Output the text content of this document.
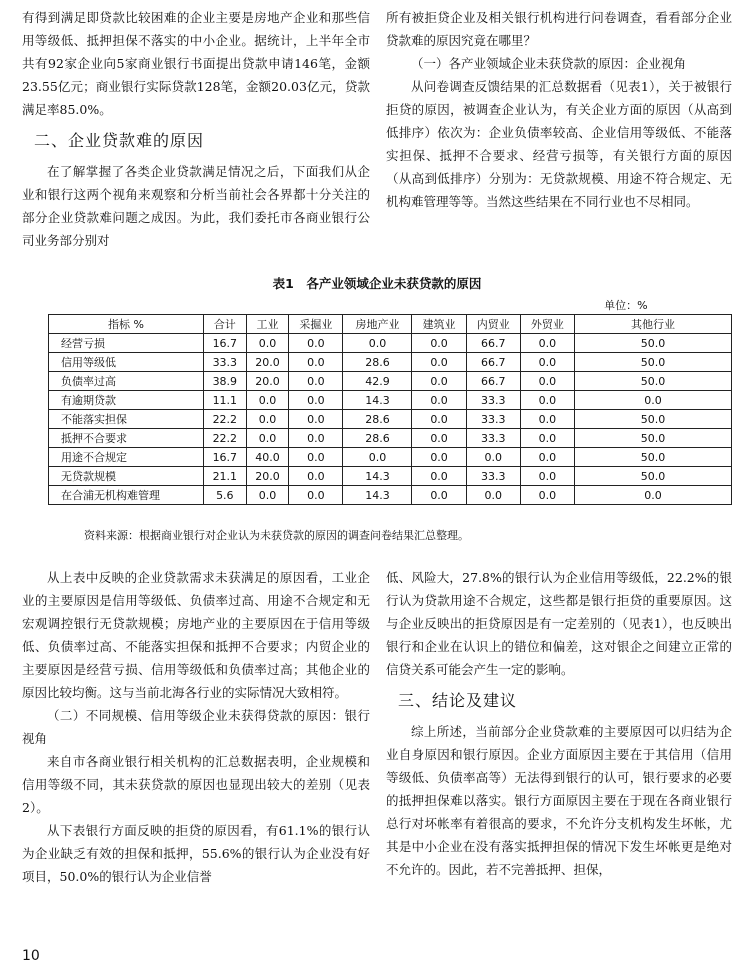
有得到满足即贷款比较困难的企业主要是房地产企业和那些信用等级低、抵押担保不落实的中小企业。据统计，上半年全市共有92家企业向5家商业银行书面提出贷款申请146笔，金额23.55亿元；商业银行实际贷款128笔，金额20.03亿元，贷款满足率85.0%。

二、企业贷款难的原因

在了解掌握了各类企业贷款满足情况之后，下面我们从企业和银行这两个视角来观察和分析当前社会各界都十分关注的部分企业贷款难问题之成因。为此，我们委托市各商业银行公司业务部分别对

所有被拒贷企业及相关银行机构进行问卷调查，看看部分企业贷款难的原因究竟在哪里？

（一）各产业领域企业未获贷款的原因：企业视角

从问卷调查反馈结果的汇总数据看（见表1），关于被银行拒贷的原因，被调查企业认为，有关企业方面的原因（从高到低排序）依次为：企业负债率较高、企业信用等级低、不能落实担保、抵押不合要求、经营亏损等，有关银行方面的原因（从高到低排序）分别为：无贷款规模、用途不符合规定、无机构难管理等等。当然这些结果在不同行业也不尽相同。

表1　各产业领域企业未获贷款的原因
							单位：%	
指标 %	合计	工业	采掘业	房地产业	建筑业	内贸业	外贸业	其他行业
经营亏损	16.7	0.0	0.0	0.0	0.0	66.7	0.0	50.0
信用等级低	33.3	20.0	0.0	28.6	0.0	66.7	0.0	50.0
负债率过高	38.9	20.0	0.0	42.9	0.0	66.7	0.0	50.0
有逾期贷款	11.1	0.0	0.0	14.3	0.0	33.3	0.0	0.0
不能落实担保	22.2	0.0	0.0	28.6	0.0	33.3	0.0	50.0
抵押不合要求	22.2	0.0	0.0	28.6	0.0	33.3	0.0	50.0
用途不合规定	16.7	40.0	0.0	0.0	0.0	0.0	0.0	50.0
无贷款规模	21.1	20.0	0.0	14.3	0.0	33.3	0.0	50.0
在合浦无机构难管理	5.6	0.0	0.0	14.3	0.0	0.0	0.0	0.0
资料来源：根据商业银行对企业认为未获贷款的原因的调查问卷结果汇总整理。

从上表中反映的企业贷款需求未获满足的原因看，工业企业的主要原因是信用等级低、负债率过高、用途不合规定和无宏观调控银行无贷款规模；房地产业的主要原因在于信用等级低、负债率过高、不能落实担保和抵押不合要求；内贸企业的主要原因是经营亏损、信用等级低和负债率过高；其他企业的原因比较均衡。这与当前北海各行业的实际情况大致相符。

（二）不同规模、信用等级企业未获得贷款的原因：银行视角

来自市各商业银行相关机构的汇总数据表明，企业规模和信用等级不同，其未获贷款的原因也显现出较大的差别（见表2）。

从下表银行方面反映的拒贷的原因看，有61.1%的银行认为企业缺乏有效的担保和抵押，55.6%的银行认为企业没有好项目，50.0%的银行认为企业信誉

低、风险大，27.8%的银行认为企业信用等级低，22.2%的银行认为贷款用途不合规定，这些都是银行拒贷的重要原因。这与企业反映出的拒贷原因是有一定差别的（见表1），也反映出银行和企业在认识上的错位和偏差，这对银企之间建立正常的信贷关系可能会产生一定的影响。

三、结论及建议

综上所述，当前部分企业贷款难的主要原因可以归结为企业自身原因和银行原因。企业方面原因主要在于其信用（信用等级低、负债率高等）无法得到银行的认可，银行要求的必要的抵押担保难以落实。银行方面原因主要在于现在各商业银行总行对坏帐率有着很高的要求，不允许分支机构发生坏帐，尤其是中小企业在没有落实抵押担保的情况下发生坏帐更是绝对不允许的。因此，若不完善抵押、担保，

10
